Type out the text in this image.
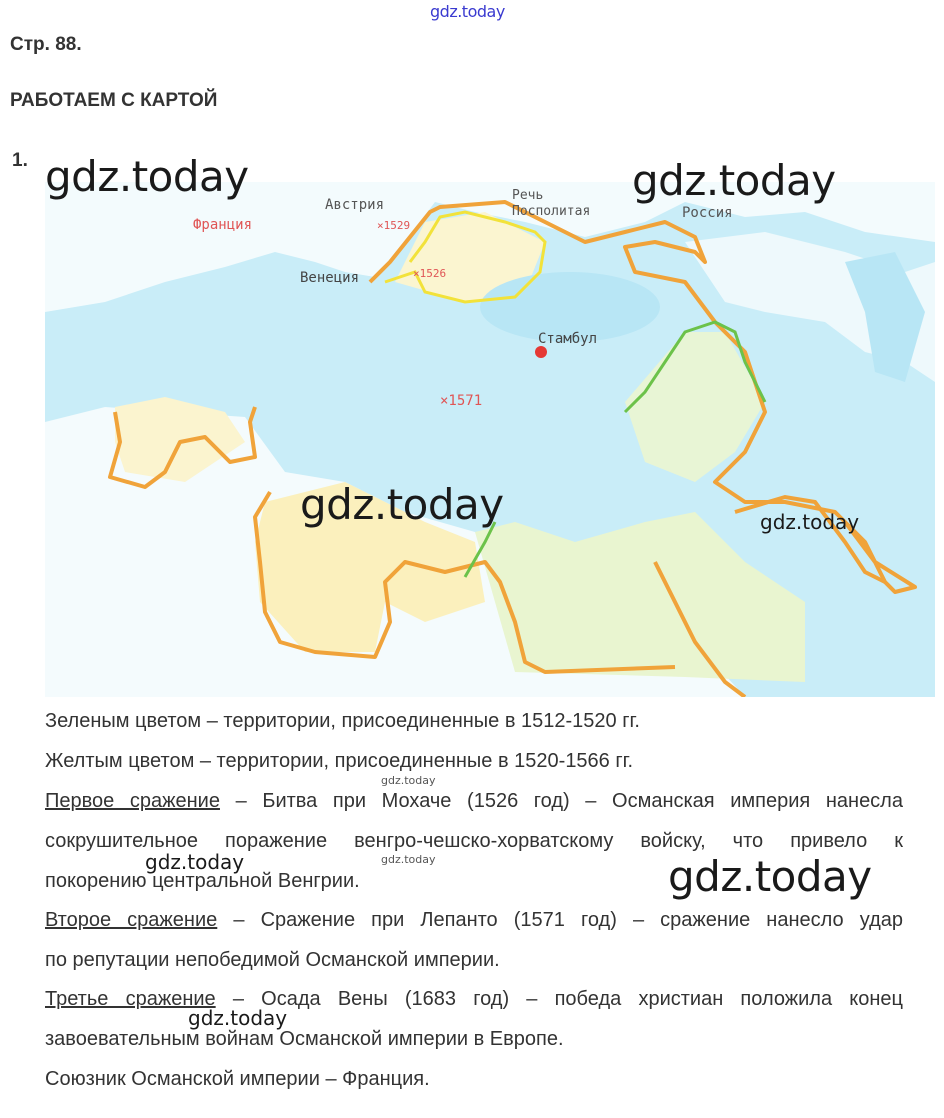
gdz.today
Стр. 88.
РАБОТАЕМ С КАРТОЙ
1.
Франция
Австрия
×1529
Речь
Посполитая	Россия
Венеция	×1526
Стамбул
×1571
gdz.today	gdz.today
gdz.today	gdz.today
Зеленым цветом – территории, присоединенные в 1512-1520 гг.
Желтым цветом – территории, присоединенные в 1520-1566 гг.
Первое сражение – Битва при Мохаче (1526 год) – Османская империя нанесла
сокрушительное поражение венгро-чешско-хорватскому войску, что привело к
покорению центральной Венгрии.
Второе сражение – Сражение при Лепанто (1571 год) – сражение нанесло удар
по репутации непобедимой Османской империи.
Третье сражение – Осада Вены (1683 год) – победа христиан положила конец
завоевательным войнам Османской империи в Европе.
Союзник Османской империи – Франция.
gdz.today
gdz.today	gdz.today	gdz.today
gdz.today
